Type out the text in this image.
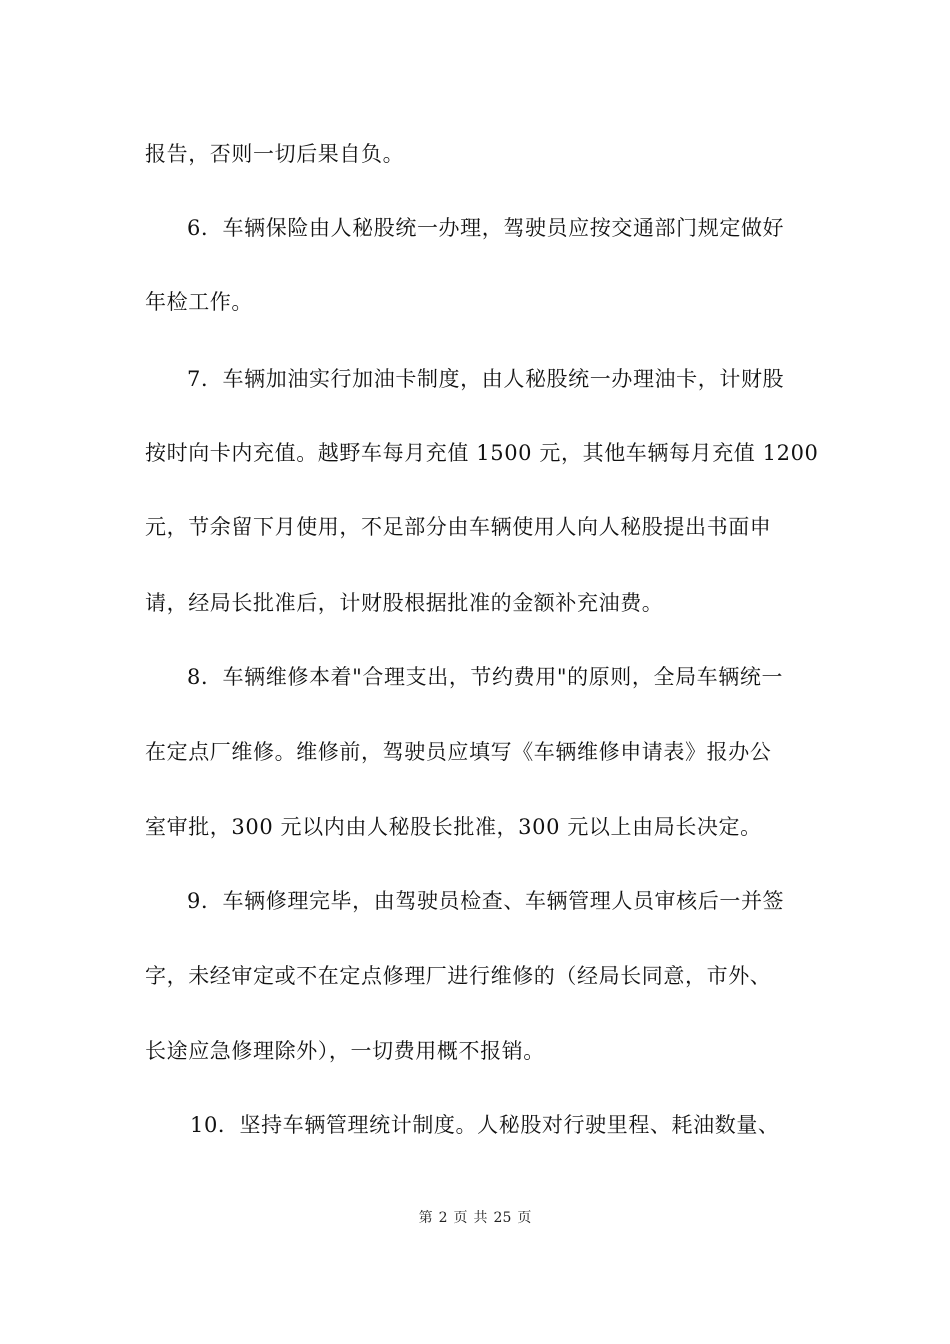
报告，否则一切后果自负。
6．车辆保险由人秘股统一办理，驾驶员应按交通部门规定做好
年检工作。
7．车辆加油实行加油卡制度，由人秘股统一办理油卡，计财股
按时向卡内充值。越野车每月充值 1500 元，其他车辆每月充值 1200
元，节余留下月使用，不足部分由车辆使用人向人秘股提出书面申
请，经局长批准后，计财股根据批准的金额补充油费。
8．车辆维修本着"合理支出，节约费用"的原则，全局车辆统一
在定点厂维修。维修前，驾驶员应填写《车辆维修申请表》报办公
室审批，300 元以内由人秘股长批准，300 元以上由局长决定。
9．车辆修理完毕，由驾驶员检查、车辆管理人员审核后一并签
字，未经审定或不在定点修理厂进行维修的（经局长同意，市外、
长途应急修理除外），一切费用概不报销。
10．坚持车辆管理统计制度。人秘股对行驶里程、耗油数量、
第 2 页 共 25 页
